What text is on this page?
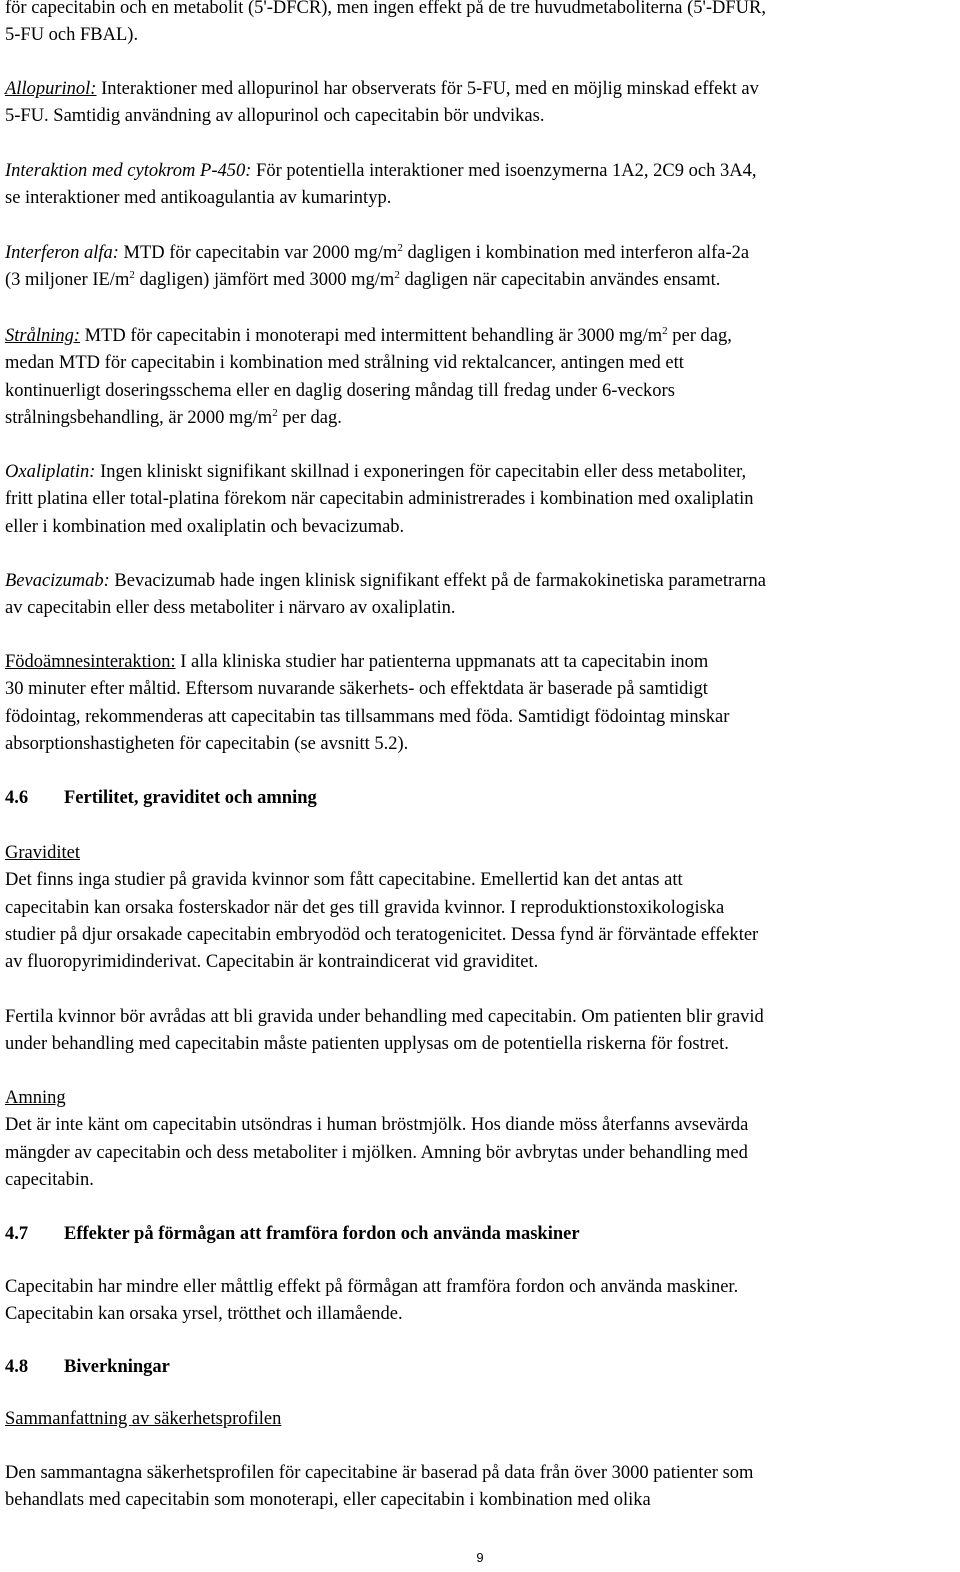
för capecitabin och en metabolit (5'-DFCR), men ingen effekt på de tre huvudmetaboliterna (5'-DFUR,
5-FU och FBAL).
Allopurinol: Interaktioner med allopurinol har observerats för 5-FU, med en möjlig minskad effekt av
5-FU. Samtidig användning av allopurinol och capecitabin bör undvikas.
Interaktion med cytokrom P-450: För potentiella interaktioner med isoenzymerna 1A2, 2C9 och 3A4,
se interaktioner med antikoagulantia av kumarintyp.
Interferon alfa: MTD för capecitabin var 2000 $mg/m^2$ dagligen i kombination med interferon alfa-2a
(3 miljoner $IE/m^2$ dagligen) jämfört med 3000 $mg/m^2$ dagligen när capecitabin användes ensamt.
Strålning: MTD för capecitabin i monoterapi med intermittent behandling är 3000 $mg/m^2$ per dag,
medan MTD för capecitabin i kombination med strålning vid rektalcancer, antingen med ett
kontinuerligt doseringsschema eller en daglig dosering måndag till fredag under 6-veckors
strålningsbehandling, är 2000 $mg/m^2$ per dag.
Oxaliplatin: Ingen kliniskt signifikant skillnad i exponeringen för capecitabin eller dess metaboliter,
fritt platina eller total-platina förekom när capecitabin administrerades i kombination med oxaliplatin
eller i kombination med oxaliplatin och bevacizumab.
Bevacizumab: Bevacizumab hade ingen klinisk signifikant effekt på de farmakokinetiska parametrarna
av capecitabin eller dess metaboliter i närvaro av oxaliplatin.
Födoämnesinteraktion: I alla kliniska studier har patienterna uppmanats att ta capecitabin inom
30 minuter efter måltid. Eftersom nuvarande säkerhets- och effektdata är baserade på samtidigt
födointag, rekommenderas att capecitabin tas tillsammans med föda. Samtidigt födointag minskar
absorptionshastigheten för capecitabin (se avsnitt 5.2).
4.6 Fertilitet, graviditet och amning
Graviditet
Det finns inga studier på gravida kvinnor som fått capecitabine. Emellertid kan det antas att
capecitabin kan orsaka fosterskador när det ges till gravida kvinnor. I reproduktionstoxikologiska
studier på djur orsakade capecitabin embryodöd och teratogenicitet. Dessa fynd är förväntade effekter
av fluoropyrimidinderivat. Capecitabin är kontraindicerat vid graviditet.
Fertila kvinnor bör avrådas att bli gravida under behandling med capecitabin. Om patienten blir gravid
under behandling med capecitabin måste patienten upplysas om de potentiella riskerna för fostret.
Amning
Det är inte känt om capecitabin utsöndras i human bröstmjölk. Hos diande möss återfanns avsevärda
mängder av capecitabin och dess metaboliter i mjölken. Amning bör avbrytas under behandling med
capecitabin.
4.7 Effekter på förmågan att framföra fordon och använda maskiner
Capecitabin har mindre eller måttlig effekt på förmågan att framföra fordon och använda maskiner.
Capecitabin kan orsaka yrsel, trötthet och illamående.
4.8 Biverkningar
Sammanfattning av säkerhetsprofilen
Den sammantagna säkerhetsprofilen för capecitabine är baserad på data från över 3000 patienter som
behandlats med capecitabin som monoterapi, eller capecitabin i kombination med olika
9
